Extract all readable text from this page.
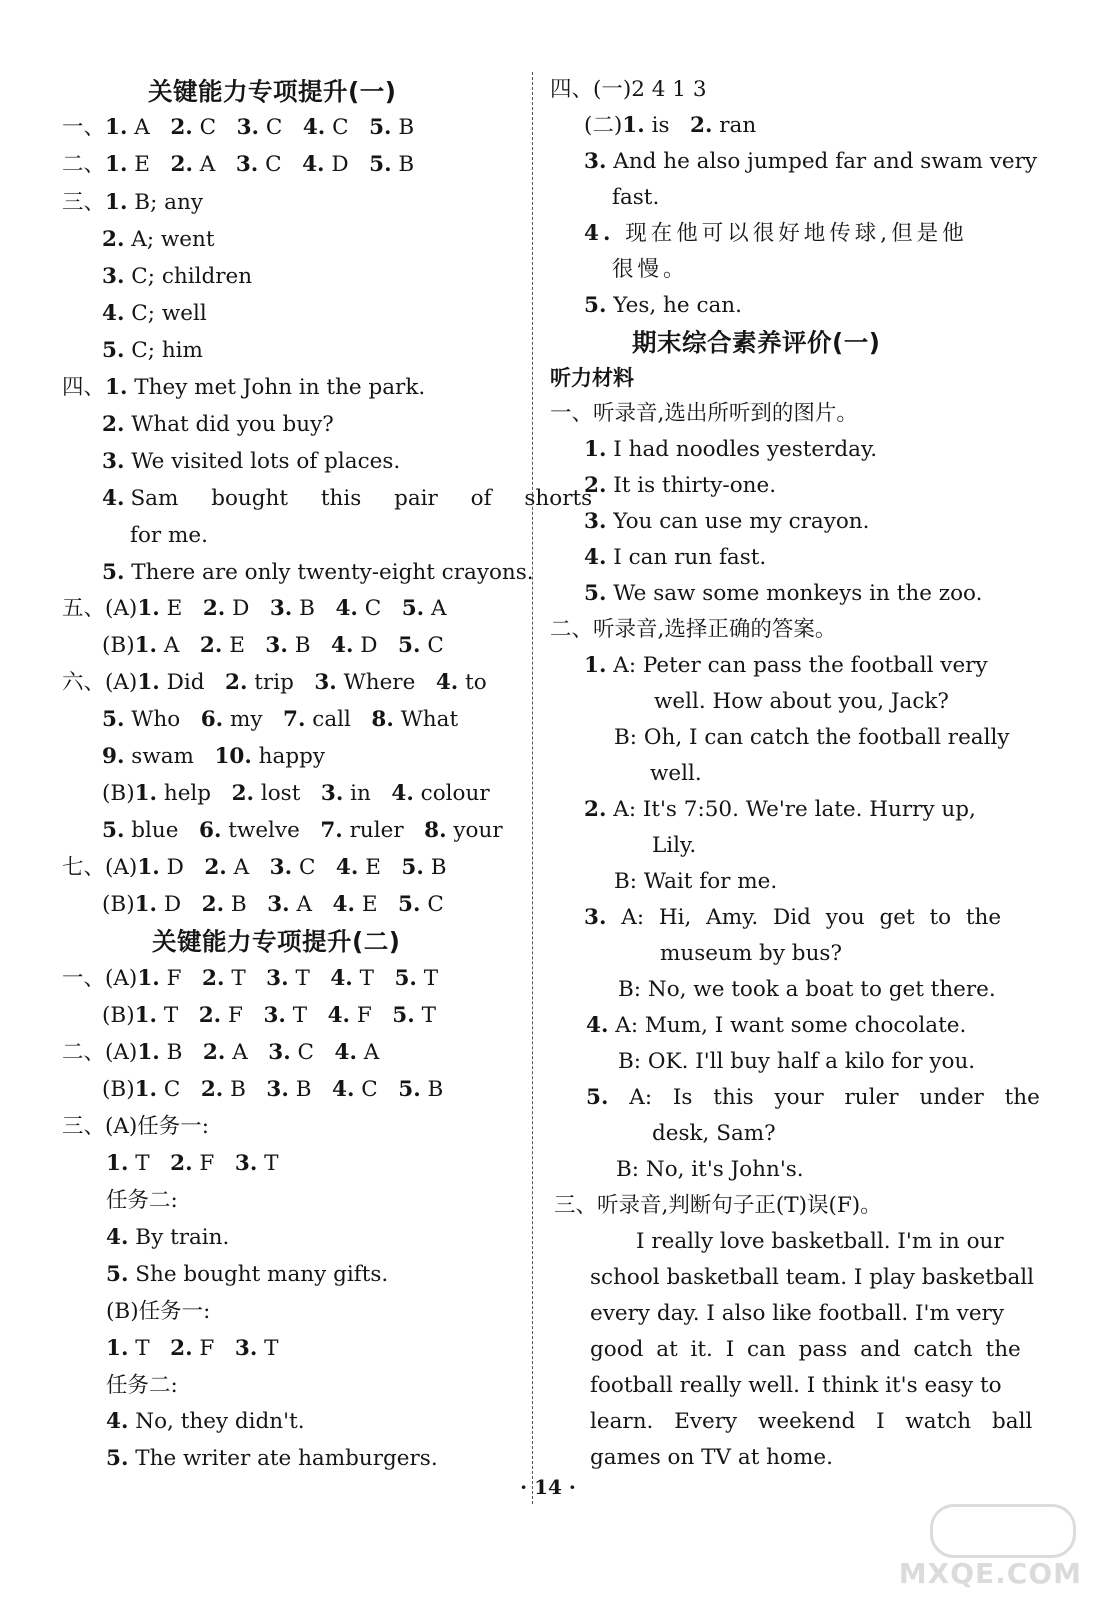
关键能力专项提升(一)
一、1. A   2. C   3. C   4. C   5. B
二、1. E   2. A   3. C   4. D   5. B
三、1. B; any
2. A; went
3. C; children
4. C; well
5. C; him
四、1. They met John in the park.
2. What did you buy?
3. We visited lots of places.
4. Sam bought this pair of shorts
for me.
5. There are only twenty-eight crayons.
五、(A)1. E   2. D   3. B   4. C   5. A
(B)1. A   2. E   3. B   4. D   5. C
六、(A)1. Did   2. trip   3. Where   4. to
5. Who   6. my   7. call   8. What
9. swam   10. happy
(B)1. help   2. lost   3. in   4. colour
5. blue   6. twelve   7. ruler   8. your
七、(A)1. D   2. A   3. C   4. E   5. B
(B)1. D   2. B   3. A   4. E   5. C
关键能力专项提升(二)
一、(A)1. F   2. T   3. T   4. T   5. T
(B)1. T   2. F   3. T   4. F   5. T
二、(A)1. B   2. A   3. C   4. A
(B)1. C   2. B   3. B   4. C   5. B
三、(A)任务一:
1. T   2. F   3. T
任务二:
4. By train.
5. She bought many gifts.
(B)任务一:
1. T   2. F   3. T
任务二:
4. No, they didn't.
5. The writer ate hamburgers.
四、(一)2 4 1 3
(二)1. is   2. ran
3. And he also jumped far and swam very
fast.
4. 现在他可以很好地传球,但是他
很慢。
5. Yes, he can.
期末综合素养评价(一)
听力材料
一、听录音,选出所听到的图片。
1. I had noodles yesterday.
2. It is thirty-one.
3. You can use my crayon.
4. I can run fast.
5. We saw some monkeys in the zoo.
二、听录音,选择正确的答案。
1. A: Peter can pass the football very
well. How about you, Jack?
B: Oh, I can catch the football really
well.
2. A: It's 7:50. We're late. Hurry up,
Lily.
B: Wait for me.
3. A: Hi, Amy. Did you get to the
museum by bus?
B: No, we took a boat to get there.
4. A: Mum, I want some chocolate.
B: OK. I'll buy half a kilo for you.
5. A: Is this your ruler under the
desk, Sam?
B: No, it's John's.
三、听录音,判断句子正(T)误(F)。
I really love basketball. I'm in our
school basketball team. I play basketball
every day. I also like football. I'm very
good at it. I can pass and catch the
football really well. I think it's easy to
learn. Every weekend I watch ball
games on TV at home.
· 14 ·
MXQE.COM
